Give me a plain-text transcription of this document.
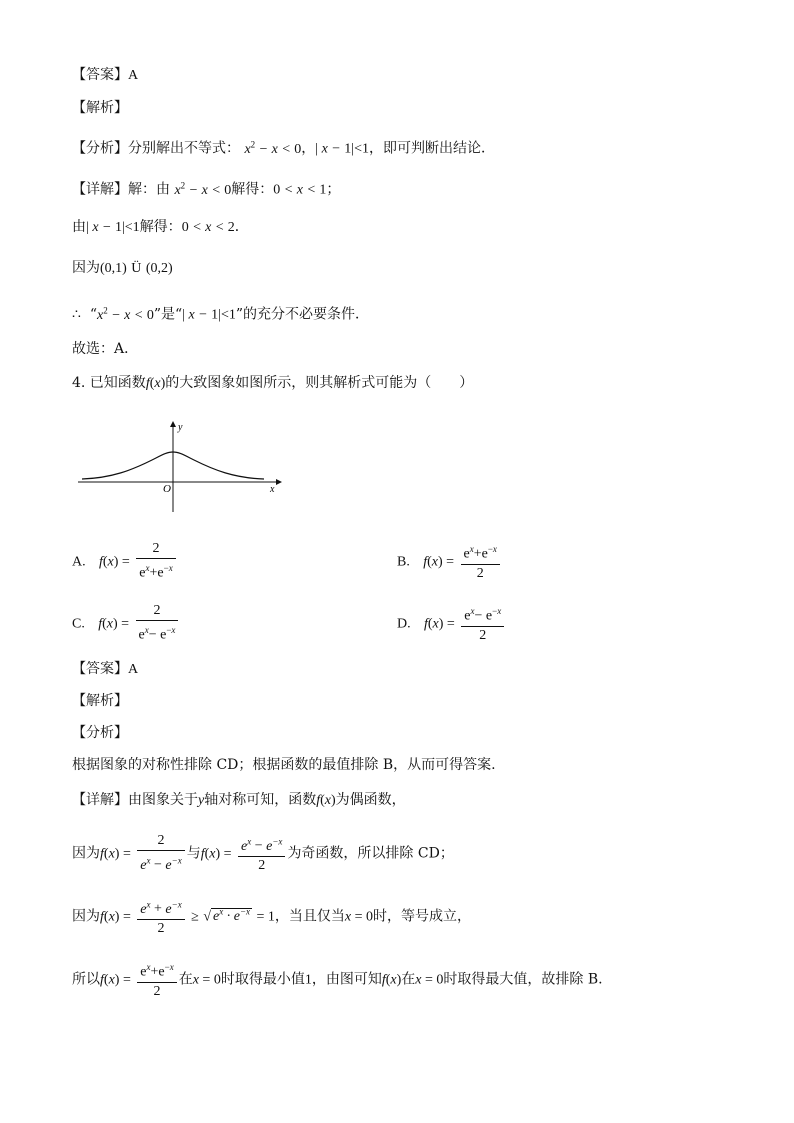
【答案】A
【解析】
【分析】分别解出不等式： $x^2 - x < 0$，| x − 1|<1，即可判断出结论．
【详解】解：由 $x^2 - x < 0$解得：0 < x < 1；
由| x − 1|<1解得：0 < x < 2．
因为(0,1) Ü (0,2)
∴ “$x^2 - x < 0$”是“| x − 1|<1”的充分不必要条件．
故选：A．
4. 已知函数f(x)的大致图象如图所示，则其解析式可能为（　　）
y
x
O
A. $f(x) = \frac{2}{e^x+e^{-x}}$	B. $f(x) = \frac{e^x+e^{-x}}{2}$
C. $f(x) = \frac{2}{e^x- e^{-x}}$	D. $f(x) = \frac{e^x- e^{-x}}{2}$
【答案】A
【解析】
【分析】
根据图象的对称性排除 CD；根据函数的最值排除 B，从而可得答案.
【详解】由图象关于y轴对称可知，函数f(x)为偶函数，
因为$f(x) = \frac{2}{e^x - e^{-x}}$ 与$f(x) = \frac{e^x - e^{-x}}{2}$ 为奇函数，所以排除 CD；
因为$f(x) = \frac{e^x + e^{-x}}{2}$ ≥ √ $e^x \cdot e^{-x} = 1$，当且仅当x = 0时，等号成立，
所以$f(x) = \frac{e^x+e^{-x}}{2}$ 在x = 0时取得最小值1，由图可知f(x)在x = 0时取得最大值，故排除 B.
